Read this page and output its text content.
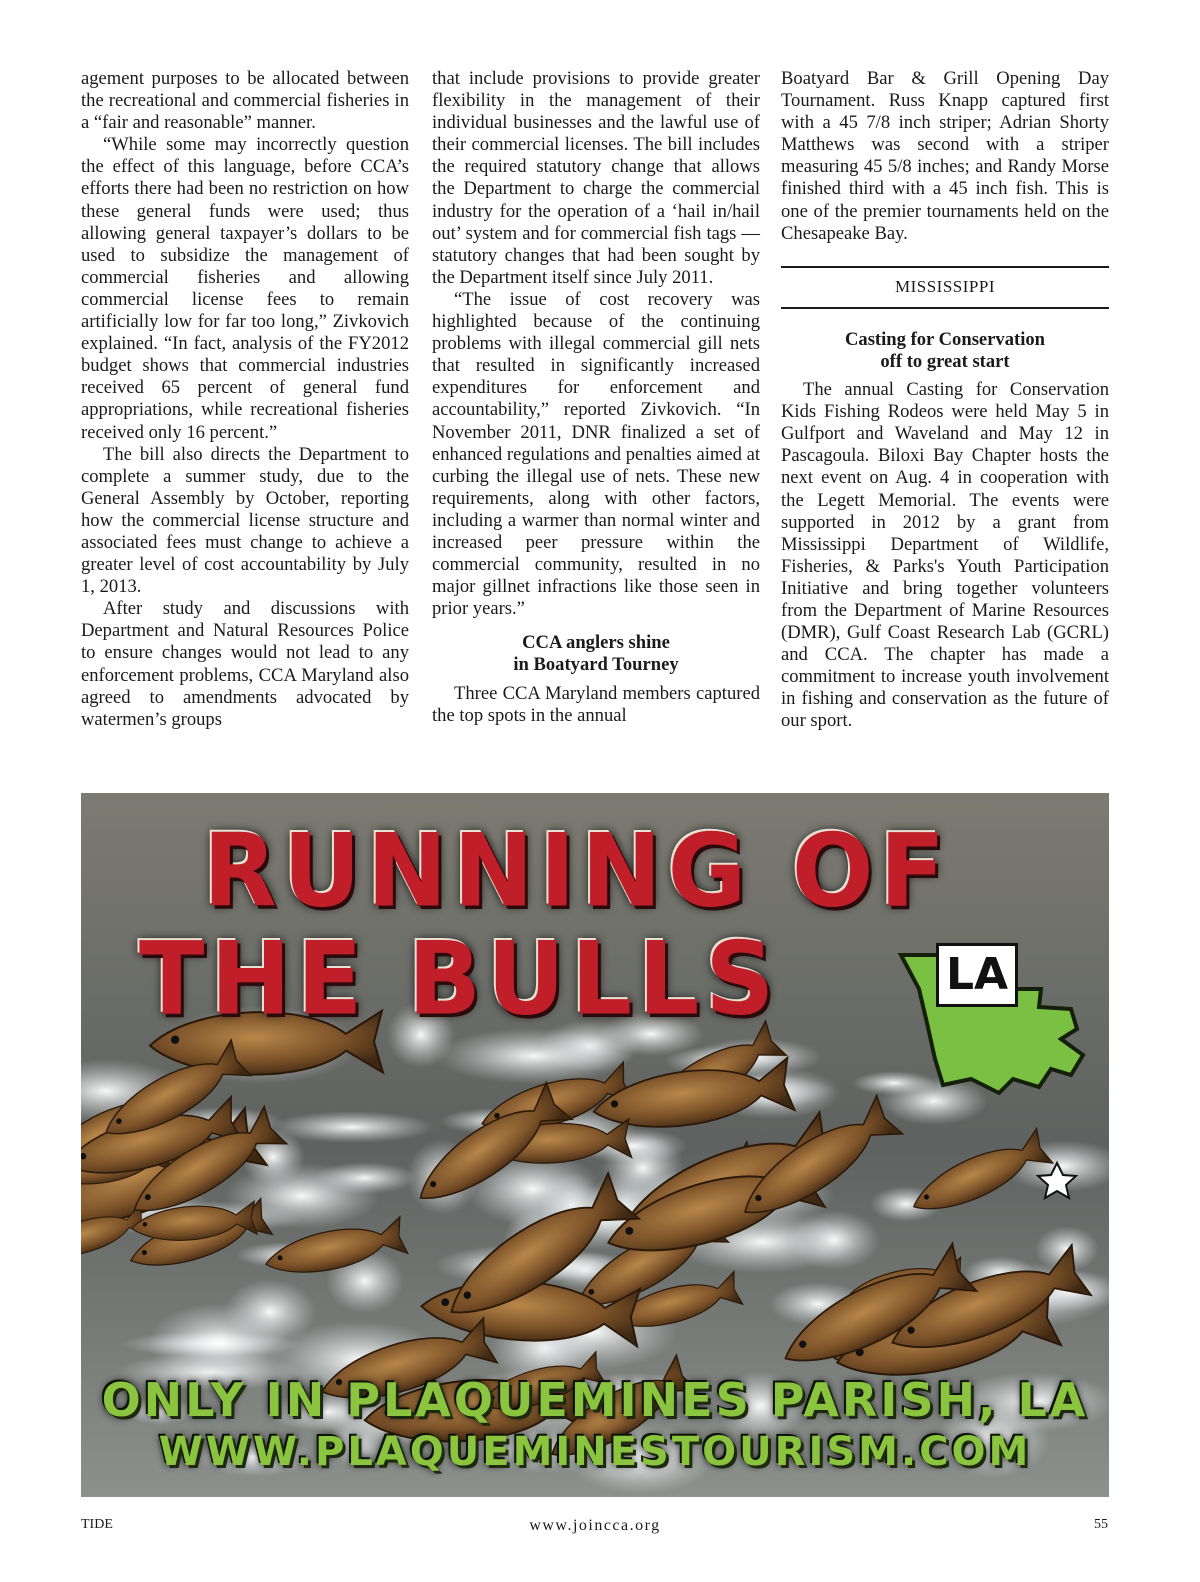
agement purposes to be allocated between the recreational and commercial fisheries in a “fair and reasonable” manner.

“While some may incorrectly question the effect of this language, before CCA’s efforts there had been no restriction on how these general funds were used; thus allowing general taxpayer’s dollars to be used to subsidize the management of commercial fisheries and allowing commercial license fees to remain artificially low for far too long,” Zivkovich explained. “In fact, analysis of the FY2012 budget shows that commercial industries received 65 percent of general fund appropriations, while recreational fisheries received only 16 percent.”

The bill also directs the Department to complete a summer study, due to the General Assembly by October, reporting how the commercial license structure and associated fees must change to achieve a greater level of cost accountability by July 1, 2013.

After study and discussions with Department and Natural Resources Police to ensure changes would not lead to any enforcement problems, CCA Maryland also agreed to amendments advocated by watermen’s groups

that include provisions to provide greater flexibility in the management of their individual businesses and the lawful use of their commercial licenses. The bill includes the required statutory change that allows the Department to charge the commercial industry for the operation of a ‘hail in/hail out’ system and for commercial fish tags — statutory changes that had been sought by the Department itself since July 2011.

“The issue of cost recovery was highlighted because of the continuing problems with illegal commercial gill nets that resulted in significantly increased expenditures for enforcement and accountability,” reported Zivkovich. “In November 2011, DNR finalized a set of enhanced regulations and penalties aimed at curbing the illegal use of nets. These new requirements, along with other factors, including a warmer than normal winter and increased peer pressure within the commercial community, resulted in no major gillnet infractions like those seen in prior years.”

CCA anglers shine
in Boatyard Tourney

Three CCA Maryland members captured the top spots in the annual

Boatyard Bar & Grill Opening Day Tournament. Russ Knapp captured first with a 45 7/8 inch striper; Adrian Shorty Matthews was second with a striper measuring 45 5/8 inches; and Randy Morse finished third with a 45 inch fish. This is one of the premier tournaments held on the Chesapeake Bay.

MISSISSIPPI
Casting for Conservation
off to great start

The annual Casting for Conservation Kids Fishing Rodeos were held May 5 in Gulfport and Waveland and May 12 in Pascagoula. Biloxi Bay Chapter hosts the next event on Aug. 4 in cooperation with the Legett Memorial. The events were supported in 2012 by a grant from Mississippi Department of Wildlife, Fisheries, & Parks's Youth Participation Initiative and bring together volunteers from the Department of Marine Resources (DMR), Gulf Coast Research Lab (GCRL) and CCA. The chapter has made a commitment to increase youth involvement in fishing and conservation as the future of our sport.

RUNNING OF
THE BULLS	LA
ONLY IN PLAQUEMINES PARISH, LA
WWW.PLAQUEMINESTOURISM.COM
TIDE	www.joincca.org	55
